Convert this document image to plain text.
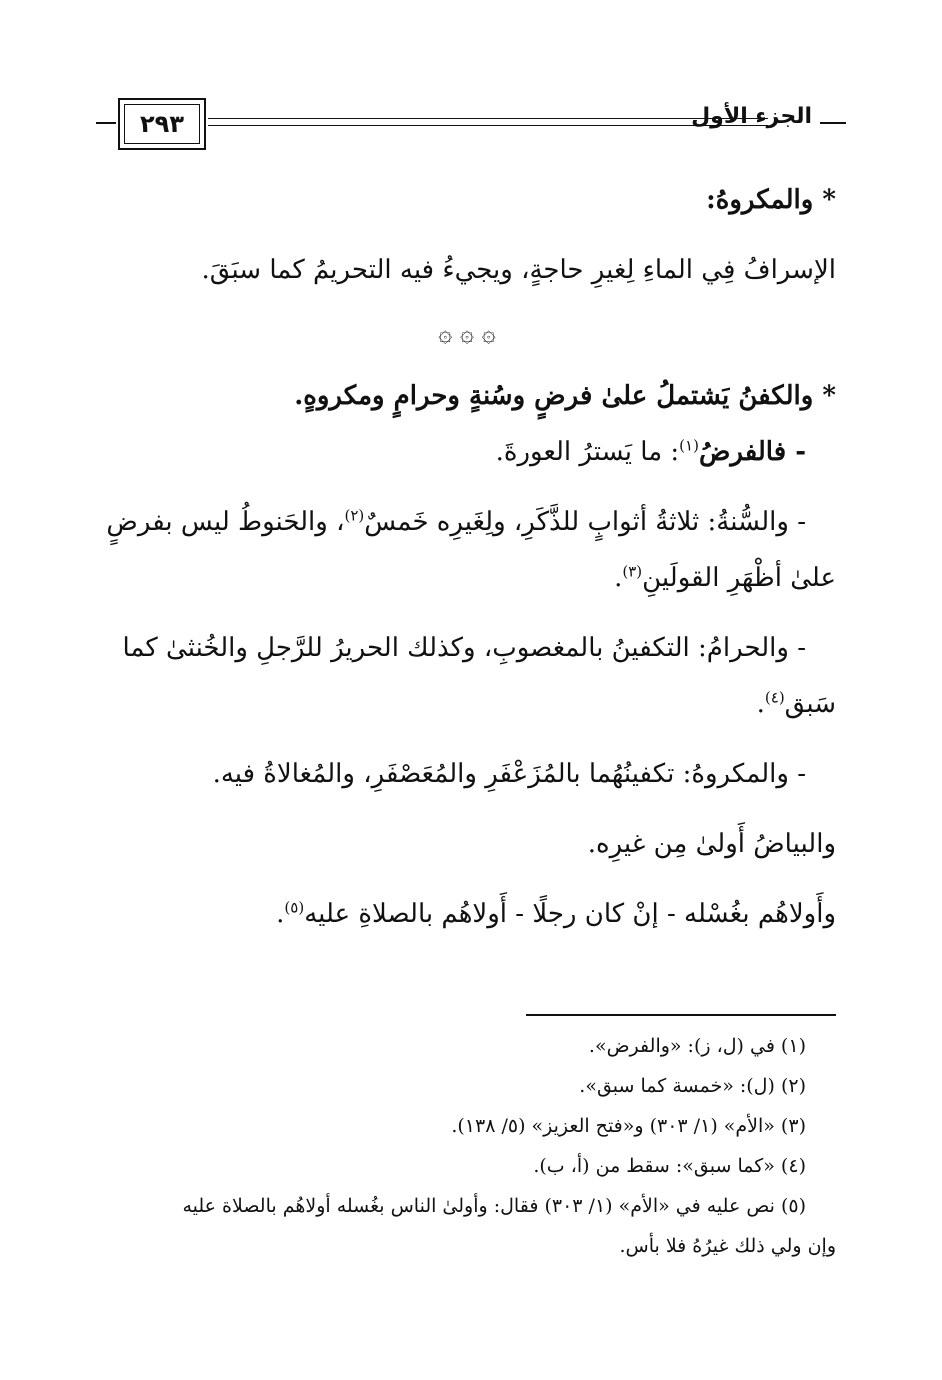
٢٩٣	الجزء الأول

* والمكروهُ:

الإسرافُ فِي الماءِ لِغيرِ حاجةٍ، ويجيءُ فيه التحريمُ كما سبَقَ.

۞ ۞ ۞

* والكفنُ يَشتملُ علىٰ فرضٍ وسُنةٍ وحرامٍ ومكروهٍ.

- فالفرضُ$^{(١)}$: ما يَسترُ العورةَ.

- والسُّنةُ: ثلاثةُ أثوابٍ للذَّكَرِ، ولِغَيرِه خَمسٌ$^{(٢)}$، والحَنوطُ ليس بفرضٍ

علىٰ أظْهَرِ القولَينِ$^{(٣)}$.

- والحرامُ: التكفينُ بالمغصوبِ، وكذلك الحريرُ للرَّجلِ والخُنثىٰ كما

سَبق$^{(٤)}$.

- والمكروهُ: تكفينُهُما بالمُزَعْفَرِ والمُعَصْفَرِ، والمُغالاةُ فيه.

والبياضُ أَولىٰ مِن غيرِه.

وأَولاهُم بغُسْله - إنْ كان رجلًا - أَولاهُم بالصلاةِ عليه$^{(٥)}$.

(١) في (ل، ز): «والفرض».

(٢) (ل): «خمسة كما سبق».

(٣) «الأم» (١/ ٣٠٣) و«فتح العزيز» (٥/ ١٣٨).

(٤) «كما سبق»: سقط من (أ، ب).

(٥) نص عليه في «الأم» (١/ ٣٠٣) فقال: وأولىٰ الناس بغُسله أولاهُم بالصلاة عليه

وإن ولي ذلك غيرُهُ فلا بأس.
